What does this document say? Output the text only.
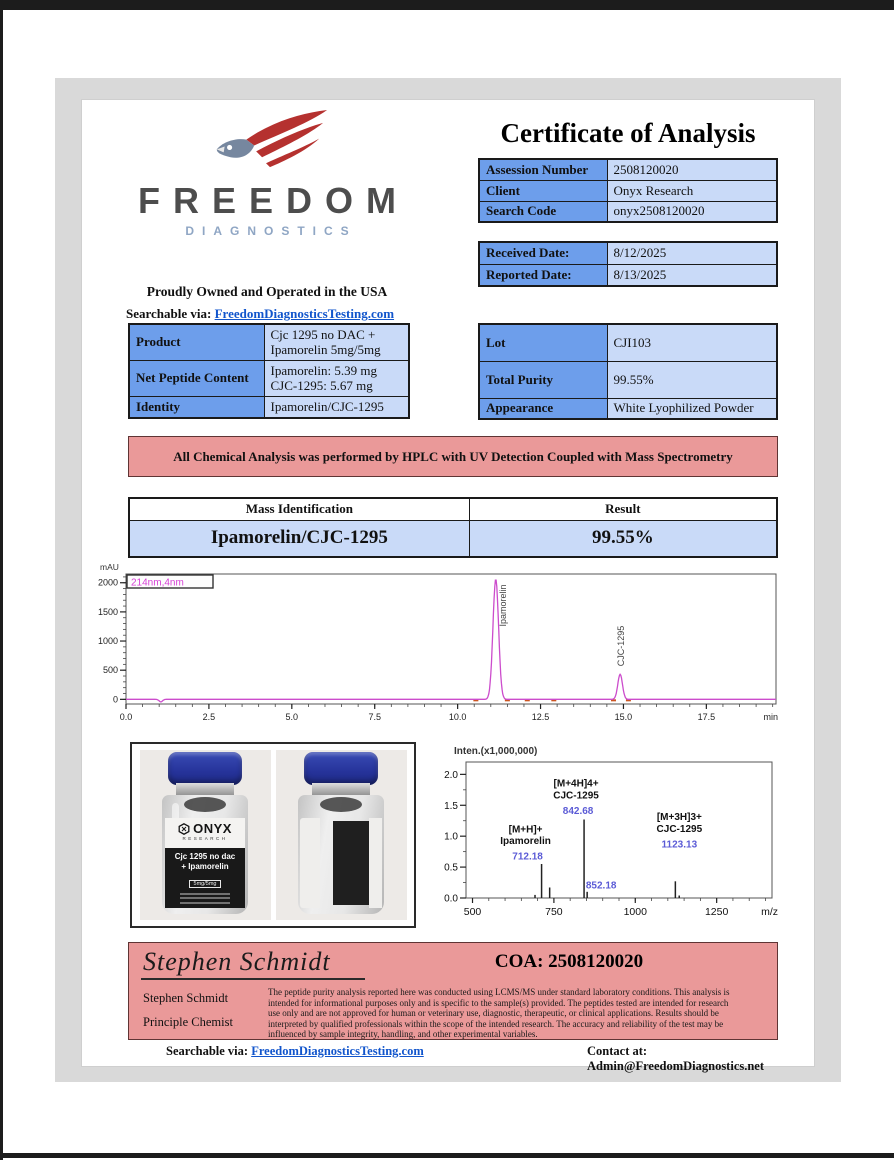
FREEDOM
DIAGNOSTICS
Proudly Owned and Operated in the USA
Searchable via: FreedomDiagnosticsTesting.com
Certificate of Analysis
Assession Number	2508120020
Client	Onyx Research
Search Code	onyx2508120020
Received Date:	8/12/2025
Reported Date:	8/13/2025
Product	Cjc 1295 no DAC +
Ipamorelin 5mg/5mg

Net Peptide Content	Ipamorelin: 5.39 mg
CJC-1295: 5.67 mg

Identity	Ipamorelin/CJC-1295
Lot	CJI103
Total Purity	99.55%
Appearance	White Lyophilized Powder
All Chemical Analysis was performed by HPLC with UV Detection Coupled with Mass Spectrometry
Mass Identification	Result
Ipamorelin/CJC-1295	99.55%
0
500
1000
1500
2000
0.0	2.5	5.0	7.5	10.0	12.5	15.0	17.5
mAU
min
214nm,4nm
Ipamorelin
CJC-1295
ONYX
RESEARCH
Cjc 1295 no dac
+ Ipamorelin
5mg/5mg
Inten.(x1,000,000)
0.0
0.5
1.0
1.5
2.0
500	750	1000	1250	m/z
712.18
[M+H]+
Ipamorelin
842.68
[M+4H]4+
CJC-1295
852.18
1123.13
[M+3H]3+
CJC-1295
Stephen Schmidt
Stephen Schmidt
Principle Chemist
COA: 2508120020
The peptide purity analysis reported here was conducted using LCMS/MS under standard laboratory conditions. This analysis is intended for informational purposes only and is specific to the sample(s) provided. The peptides tested are intended for research use only and are not approved for human or veterinary use, diagnostic, therapeutic, or clinical applications. Results should be interpreted by qualified professionals within the scope of the intended research. The accuracy and reliability of the test may be influenced by sample integrity, handling, and other experimental variables.
Searchable via: FreedomDiagnosticsTesting.com	Contact at: Admin@FreedomDiagnostics.net
